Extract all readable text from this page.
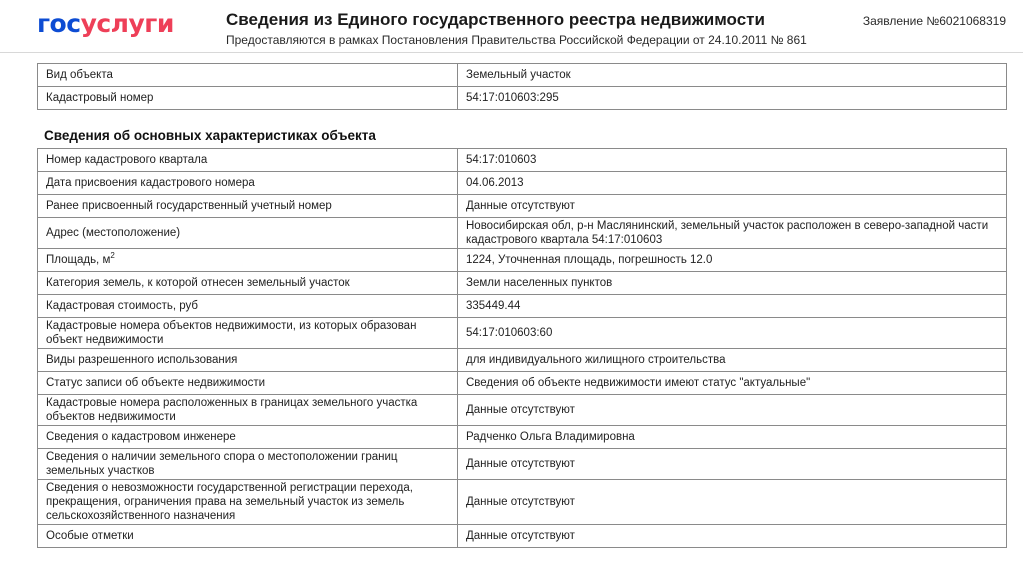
госуслуги	Сведения из Единого государственного реестра недвижимости
Предоставляются в рамках Постановления Правительства Российской Федерации от 24.10.2011 № 861
Заявление №6021068319
Вид объекта	Земельный участок
Кадастровый номер	54:17:010603:295
Сведения об основных характеристиках объекта
Номер кадастрового квартала	54:17:010603
Дата присвоения кадастрового номера	04.06.2013
Ранее присвоенный государственный учетный номер	Данные отсутствуют
Адрес (местоположение)	Новосибирская обл, р-н Маслянинский, земельный участок расположен в северо-западной части кадастрового квартала 54:17:010603
Площадь, $м^2$	1224, Уточненная площадь, погрешность 12.0
Категория земель, к которой отнесен земельный участок	Земли населенных пунктов
Кадастровая стоимость, руб	335449.44
Кадастровые номера объектов недвижимости, из которых образован объект недвижимости	54:17:010603:60
Виды разрешенного использования	для индивидуального жилищного строительства
Статус записи об объекте недвижимости	Сведения об объекте недвижимости имеют статус "актуальные"
Кадастровые номера расположенных в границах земельного участка объектов недвижимости	Данные отсутствуют
Сведения о кадастровом инженере	Радченко Ольга Владимировна
Сведения о наличии земельного спора о местоположении границ земельных участков	Данные отсутствуют
Сведения о невозможности государственной регистрации перехода, прекращения, ограничения права на земельный участок из земель сельскохозяйственного назначения	Данные отсутствуют
Особые отметки	Данные отсутствуют
